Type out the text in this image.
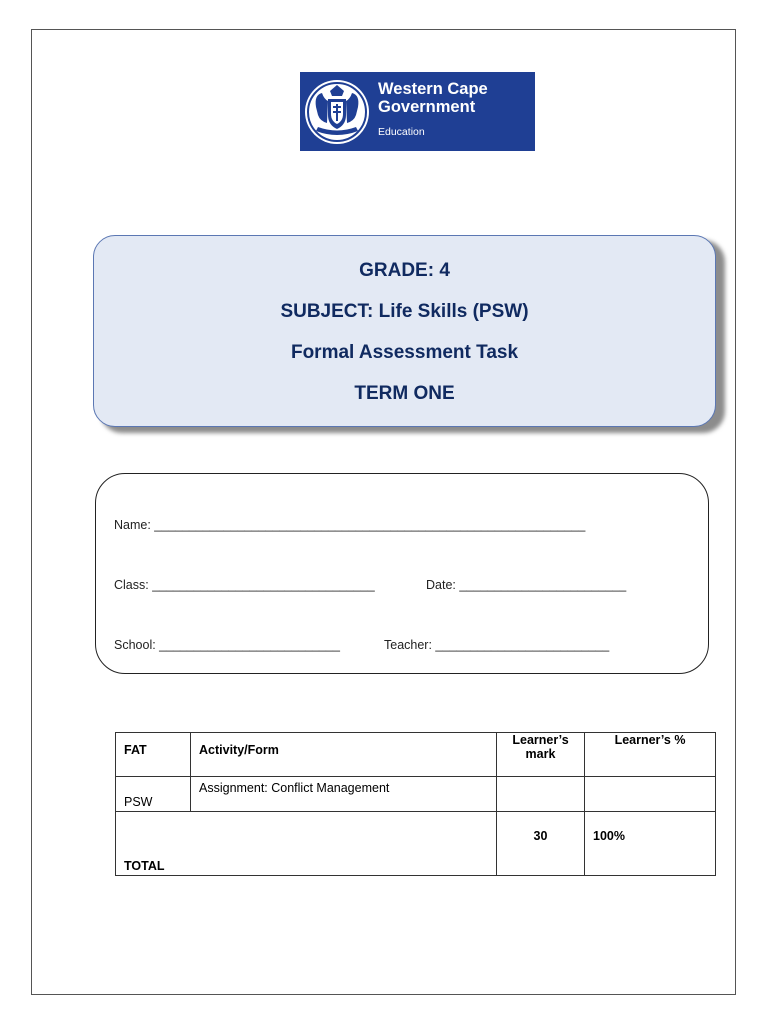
Western Cape
Government
Education
GRADE: 4
SUBJECT: Life Skills (PSW)
Formal Assessment Task
TERM ONE
Name: ______________________________________________________________
Class: ________________________________	Date: ________________________
School: __________________________	Teacher: _________________________
FAT	Activity/Form	Learner’s mark	Learner’s %
PSW	Assignment: Conflict Management		
TOTAL		30	100%
